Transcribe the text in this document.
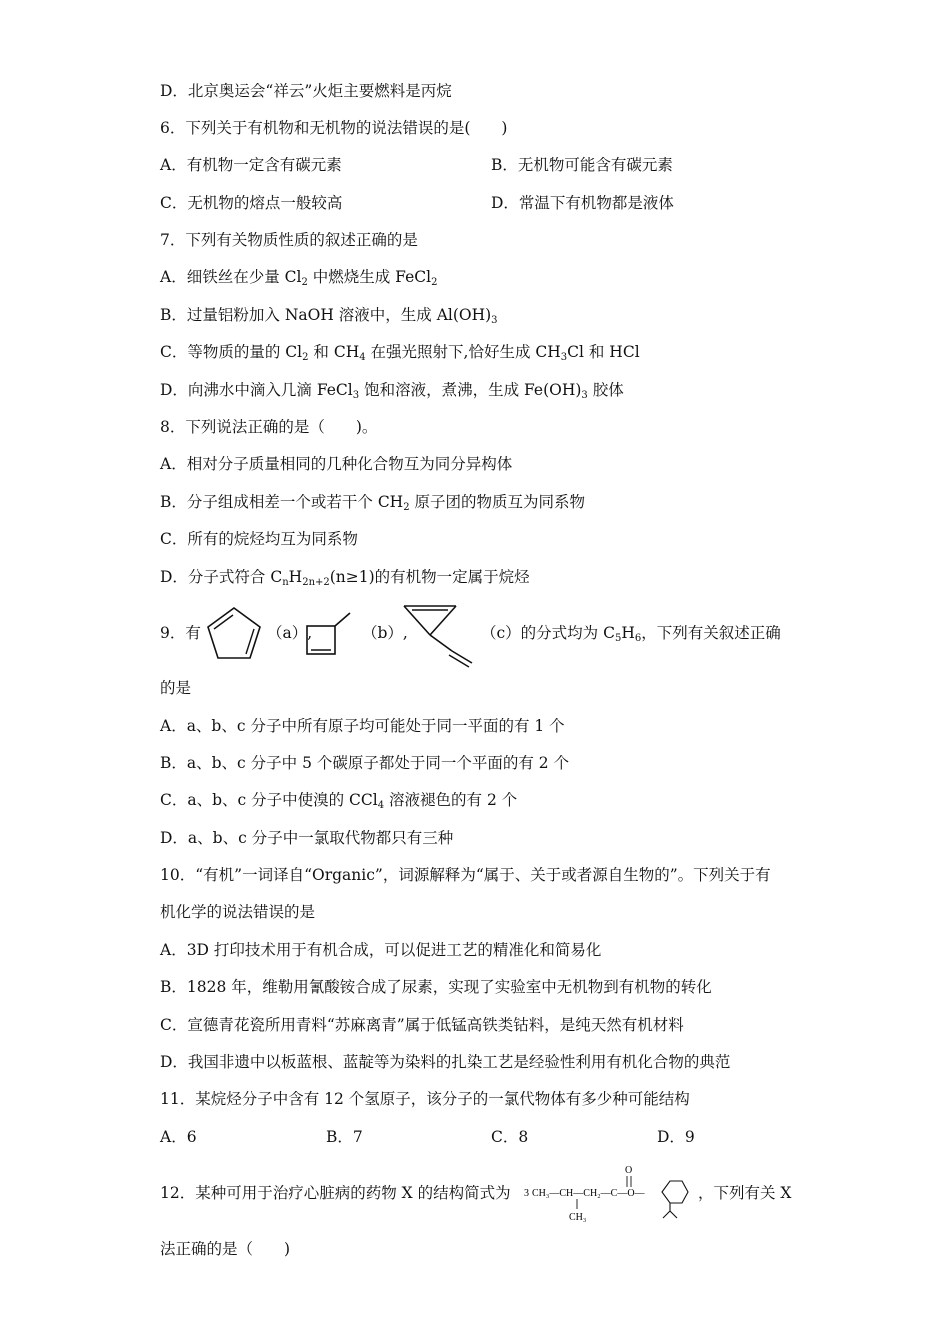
D．北京奥运会“祥云”火炬主要燃料是丙烷
6．下列关于有机物和无机物的说法错误的是(　　)
A．有机物一定含有碳元素	B．无机物可能含有碳元素
C．无机物的熔点一般较高	D．常温下有机物都是液体
7．下列有关物质性质的叙述正确的是
A．细铁丝在少量 $Cl_2$ 中燃烧生成 FeCl$_2$
B．过量铝粉加入 NaOH 溶液中，生成 $Al(OH)_3$
C．等物质的量的 $Cl_2$ 和 $CH_4$ 在强光照射下,恰好生成 $CH_3Cl$ 和 HCl
D．向沸水中滴入几滴 FeCl$_3$ 饱和溶液，煮沸，生成 $Fe(OH)_3$ 胶体
8．下列说法正确的是（　　)。
A．相对分子质量相同的几种化合物互为同分异构体
B．分子组成相差一个或若干个 $CH_2$ 原子团的物质互为同系物
C．所有的烷烃均互为同系物
D．分子式符合 $C_nH_{2n+2}(n\ge 1)$的有机物一定属于烷烃
9．有	（a）,	（b）,	（c）的分式均为 $C_5H_6$，下列有关叙述正确
的是
A．a、b、c 分子中所有原子均可能处于同一平面的有 1 个
B．a、b、c 分子中 5 个碳原子都处于同一个平面的有 2 个
C．a、b、c 分子中使溴的 CCl$_4$ 溶液褪色的有 2 个
D．a、b、c 分子中一氯取代物都只有三种
10．“有机”一词译自“Organic”，词源解释为“属于、关于或者源自生物的”。下列关于有
机化学的说法错误的是
A．3D 打印技术用于有机合成，可以促进工艺的精准化和简易化
B．1828 年，维勒用氰酸铵合成了尿素，实现了实验室中无机物到有机物的转化
C．宣德青花瓷所用青料“苏麻离青”属于低锰高铁类钴料，是纯天然有机材料
D．我国非遗中以板蓝根、蓝靛等为染料的扎染工艺是经验性利用有机化合物的典范
11．某烷烃分子中含有 12 个氢原子，该分子的一氯代物体有多少种可能结构
A．6	B．7	C．8	D．9
12．某种可用于治疗心脏病的药物 X 的结构简式为 3 CH₃—CH—CH₂—C—O—
CH₃
O
，下列有关 X
法正确的是（　　)
